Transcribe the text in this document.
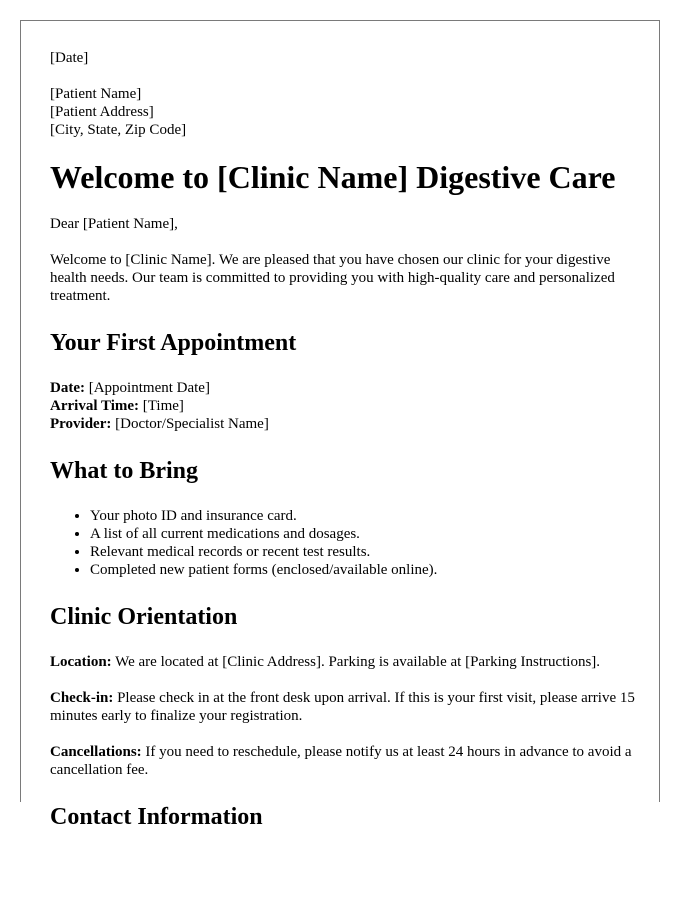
[Date]

[Patient Name]

[Patient Address]

[City, State, Zip Code]

Welcome to [Clinic Name] Digestive Care

Dear [Patient Name],

Welcome to [Clinic Name]. We are pleased that you have chosen our clinic for your digestive health needs. Our team is committed to providing you with high-quality care and personalized treatment.

Your First Appointment

Date: [Appointment Date]

Arrival Time: [Time]

Provider: [Doctor/Specialist Name]

What to Bring
• Your photo ID and insurance card.
• A list of all current medications and dosages.
• Relevant medical records or recent test results.
• Completed new patient forms (enclosed/available online).
Clinic Orientation

Location: We are located at [Clinic Address]. Parking is available at [Parking Instructions].

Check-in: Please check in at the front desk upon arrival. If this is your first visit, please arrive 15 minutes early to finalize your registration.

Cancellations: If you need to reschedule, please notify us at least 24 hours in advance to avoid a cancellation fee.

Contact Information
